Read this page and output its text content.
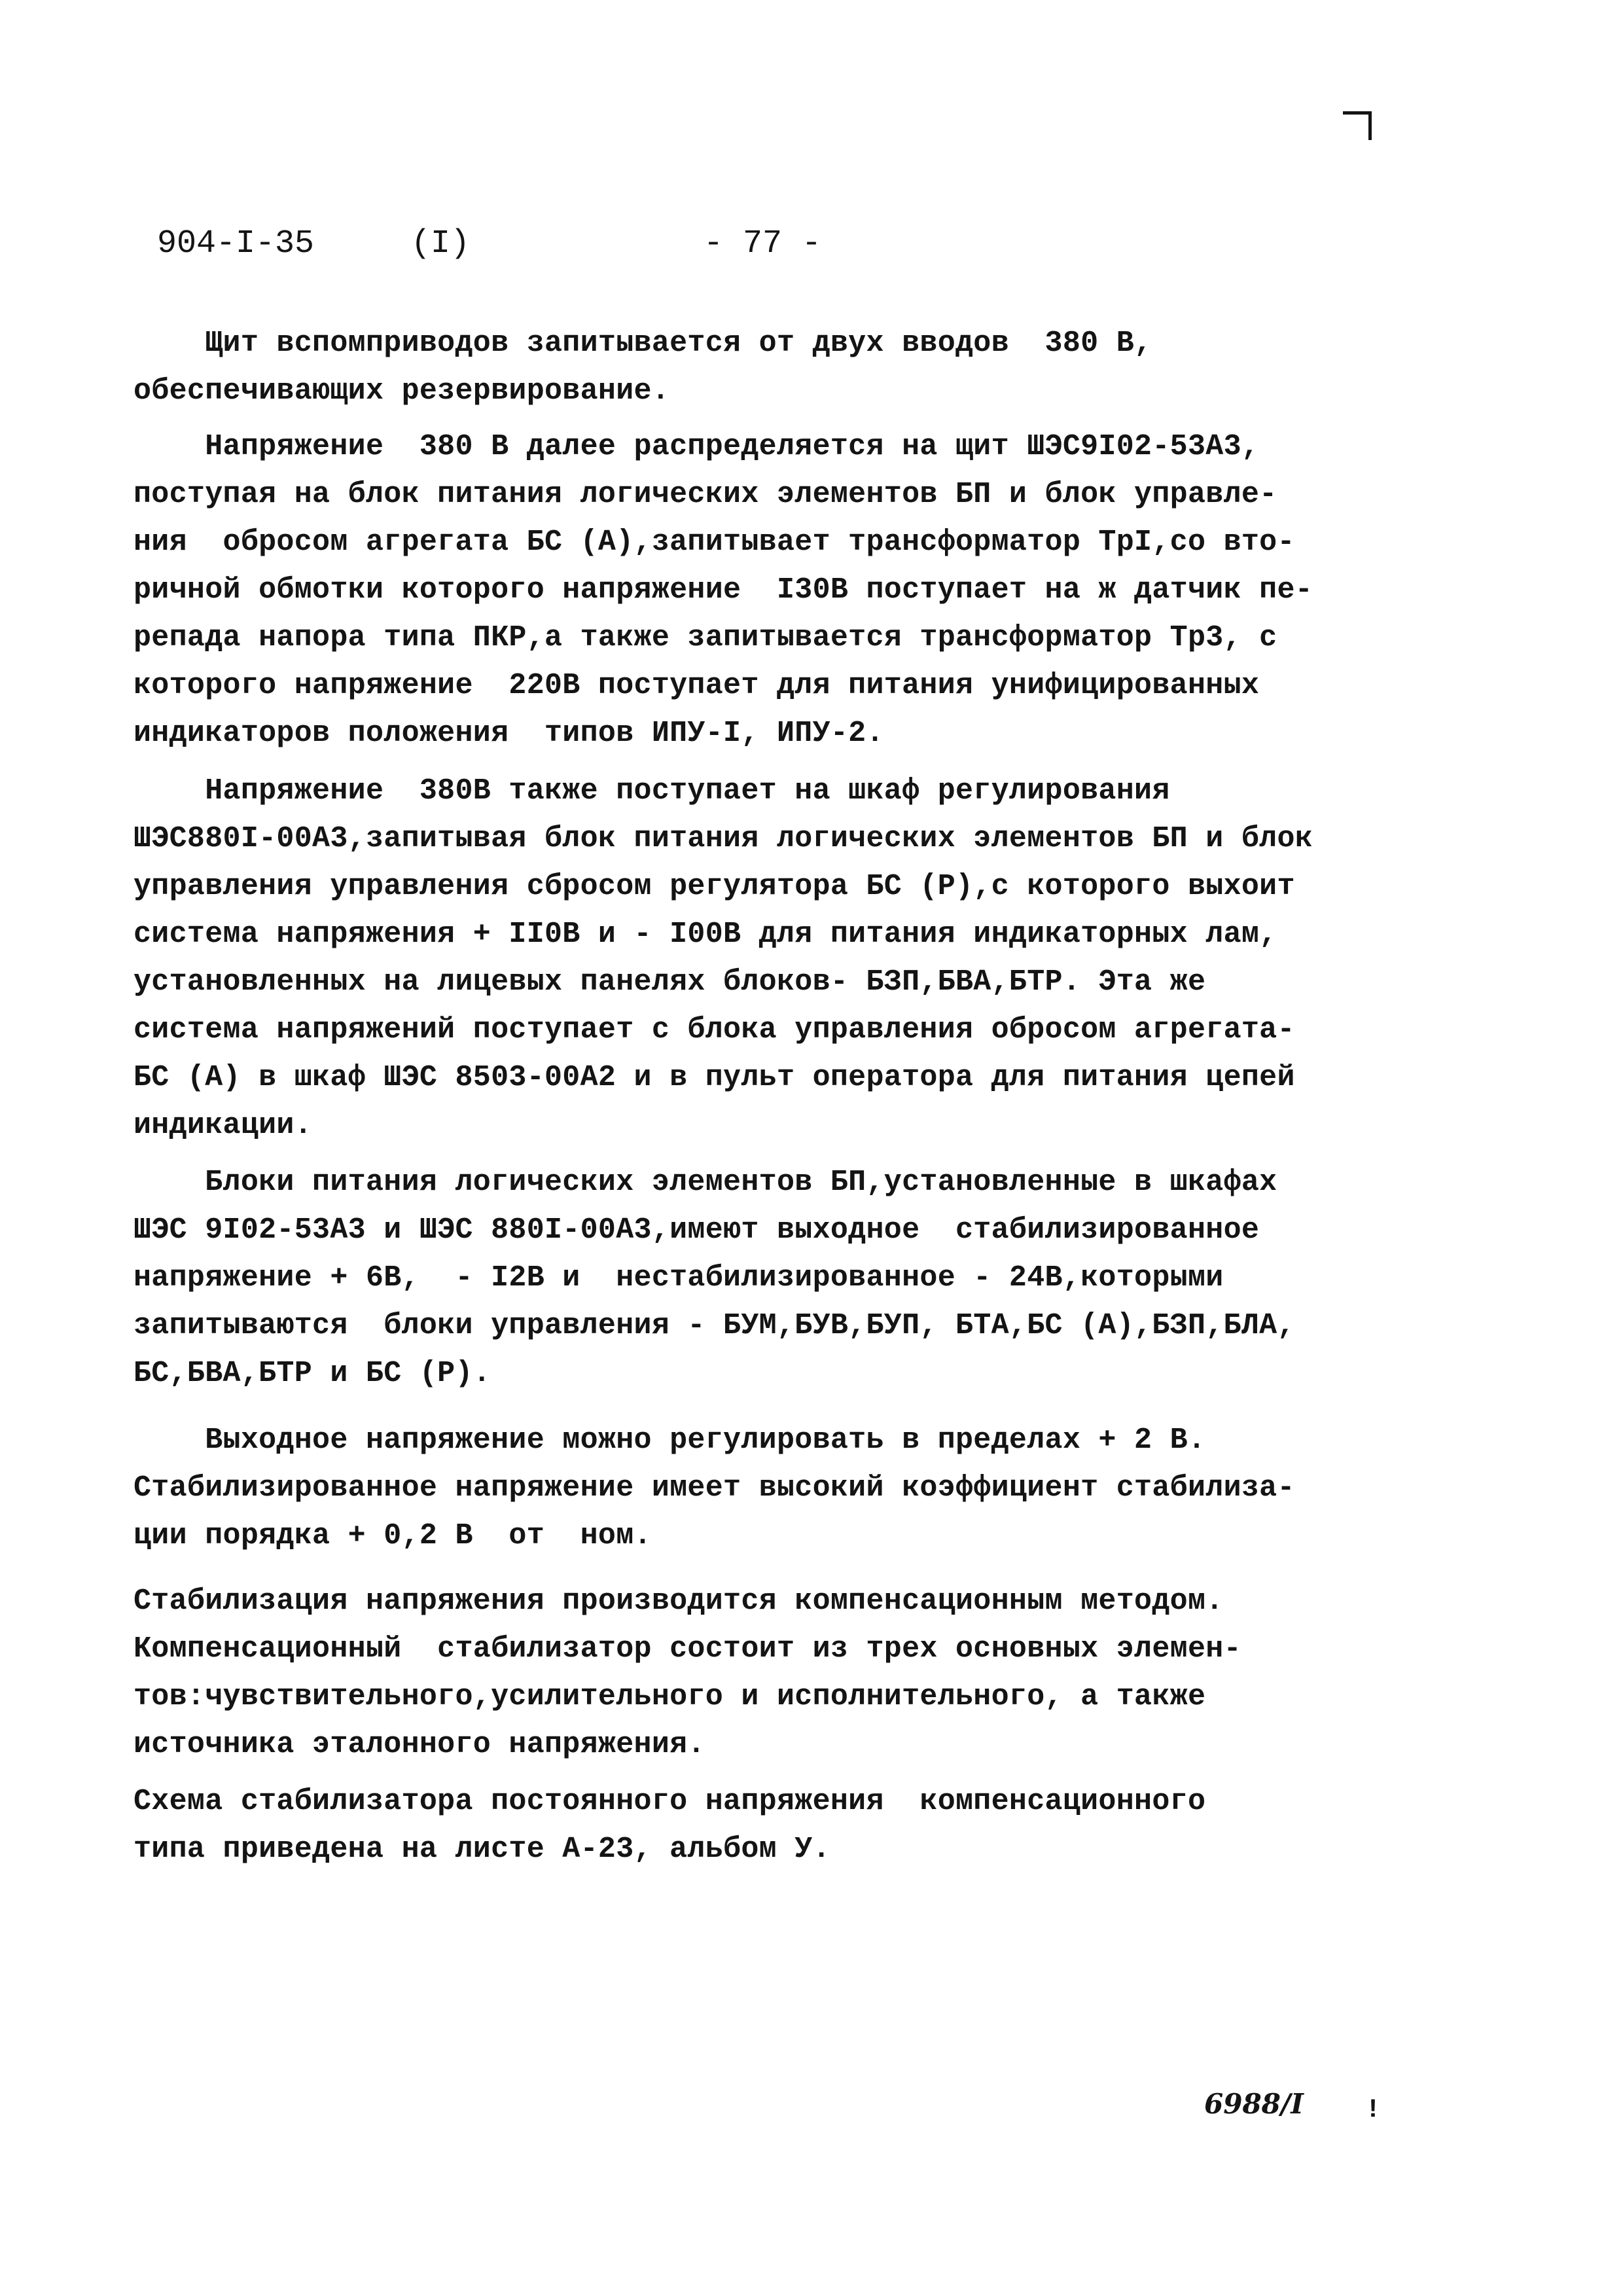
904-I-35

	(I)

	- 77 -

Щит вспомприводов запитывается от двух вводов  380 В,

обеспечивающих резервирование.

Напряжение  380 В далее распределяется на щит ШЭС9I02-53А3,

поступая на блок питания логических элементов БП и блок управле-

ния  обросом агрегата БС (А),запитывает трансформатор ТрI,со вто-

ричной обмотки которого напряжение  I30В поступает на ж датчик пе-

репада напора типа ПКР,а также запитывается трансформатор Тр3, с

которого напряжение  220В поступает для питания унифицированных

индикаторов положения  типов ИПУ-I, ИПУ-2.

Напряжение  380В также поступает на шкаф регулирования

ШЭС880I-00А3,запитывая блок питания логических элементов БП и блок

управления управления сбросом регулятора БС (Р),с которого выхоит

система напряжения + II0В и - I00В для питания индикаторных лам,

установленных на лицевых панелях блоков- БЗП,БВА,БТР. Эта же

система напряжений поступает с блока управления обросом агрегата-

БС (А) в шкаф ШЭС 8503-00А2 и в пульт оператора для питания цепей

индикации.

Блоки питания логических элементов БП,установленные в шкафах

ШЭС 9I02-53А3 и ШЭС 880I-00А3,имеют выходное  стабилизированное

напряжение + 6В,  - I2В и  нестабилизированное - 24В,которыми

запитываются  блоки управления - БУМ,БУВ,БУП, БТА,БС (А),БЗП,БЛА,

БС,БВА,БТР и БС (Р).

Выходное напряжение можно регулировать в пределах + 2 В.

Стабилизированное напряжение имеет высокий коэффициент стабилиза-

ции порядка + 0,2 В  от  ном.

Стабилизация напряжения производится компенсационным методом.

Компенсационный  стабилизатор состоит из трех основных элемен-

тов:чувствительного,усилительного и исполнительного, а также

источника эталонного напряжения.

Схема стабилизатора постоянного напряжения  компенсационного

типа приведена на листе А-23, альбом У.

6988/I	!
